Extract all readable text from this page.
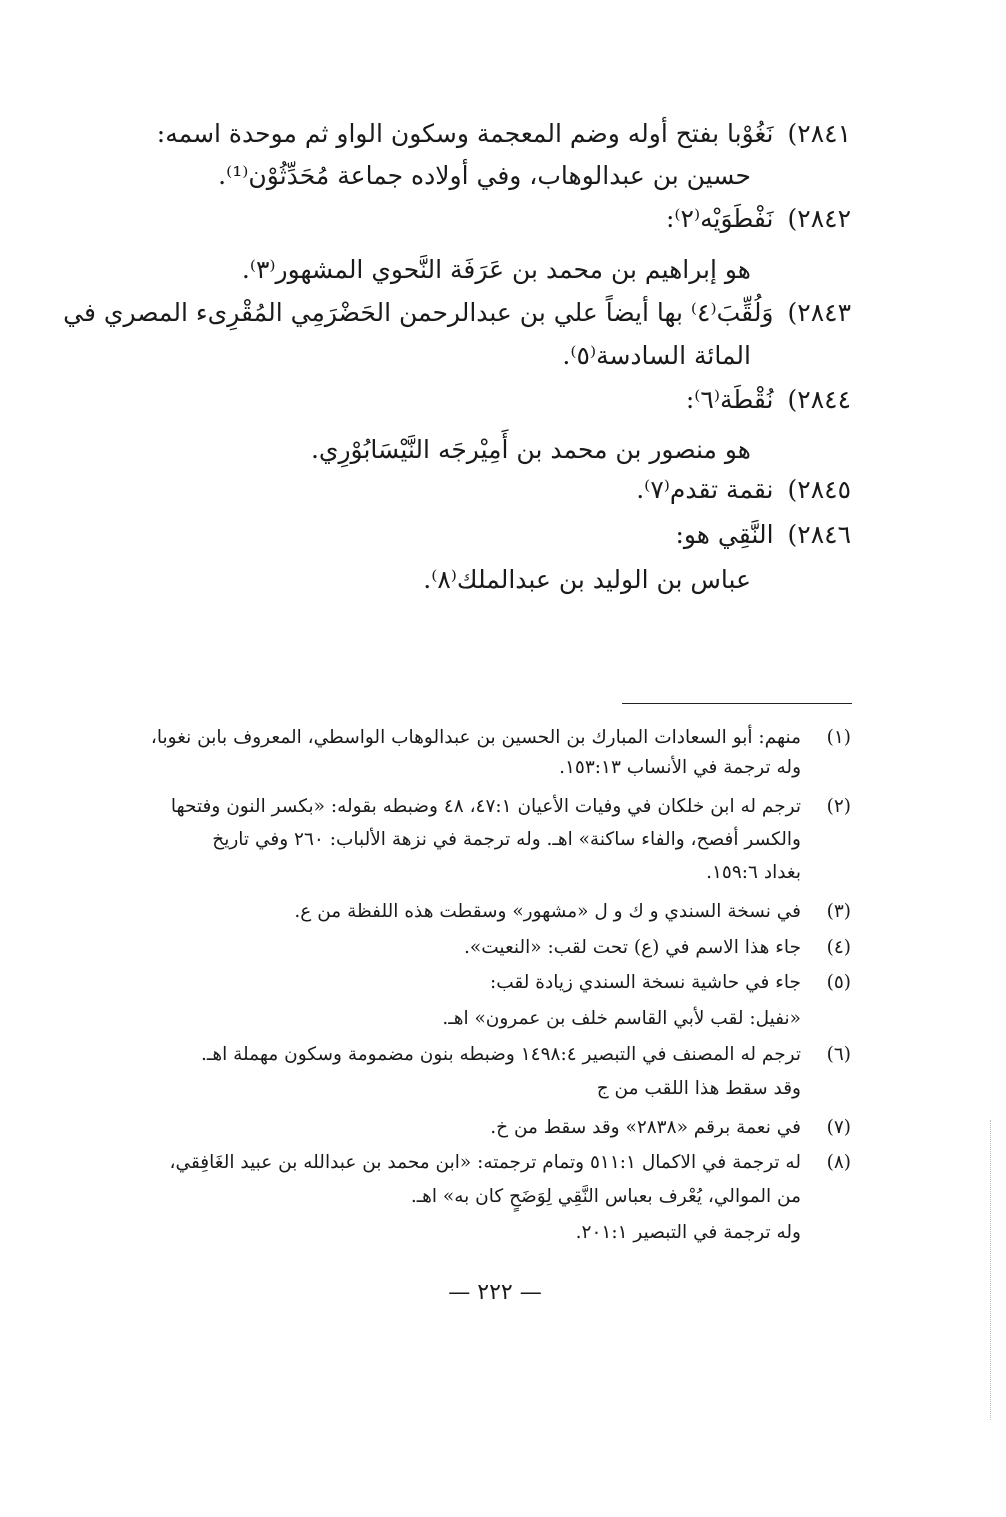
٢٨٤١)نَغُوْبا بفتح أوله وضم المعجمة وسكون الواو ثم موحدة اسمه:
حسين بن عبدالوهاب، وفي أولاده جماعة مُحَدِّثُوْن⁽¹⁾.
٢٨٤٢)نَفْطَوَيْه⁽٢⁾:
هو إبراهيم بن محمد بن عَرَفَة النَّحوي المشهور⁽٣⁾.
٢٨٤٣)وَلُقِّبَ⁽٤⁾ بها أيضاً علي بن عبدالرحمن الحَضْرَمِي المُقْرِىء المصري في
المائة السادسة⁽٥⁾.
٢٨٤٤)نُقْطَة⁽٦⁾:
هو منصور بن محمد بن أَمِيْرجَه النَّيْسَابُوْرِي.
٢٨٤٥)نقمة تقدم⁽٧⁾.
٢٨٤٦)النَّقِي هو:
عباس بن الوليد بن عبدالملك⁽٨⁾.
(١)منهم: أبو السعادات المبارك بن الحسين بن عبدالوهاب الواسطي، المعروف بابن نغوبا،
وله ترجمة في الأنساب ١٥٣:١٣.
(٢)ترجم له ابن خلكان في وفيات الأعيان ٤٧:١، ٤٨ وضبطه بقوله: «بكسر النون وفتحها
والكسر أفصح، والفاء ساكنة» اهـ. وله ترجمة في نزهة الألباب: ٢٦٠ وفي تاريخ
بغداد ١٥٩:٦.
(٣)في نسخة السندي و ك و ل «مشهور» وسقطت هذه اللفظة من ع.
(٤)جاء هذا الاسم في (ع) تحت لقب: «النعيت».
(٥)جاء في حاشية نسخة السندي زيادة لقب:
«نفيل: لقب لأبي القاسم خلف بن عمرون» اهـ.
(٦)ترجم له المصنف في التبصير ١٤٩٨:٤ وضبطه بنون مضمومة وسكون مهملة اهـ.
وقد سقط هذا اللقب من ج
(٧)في نعمة برقم «٢٨٣٨» وقد سقط من خ.
(٨)له ترجمة في الاكمال ٥١١:١ وتمام ترجمته: «ابن محمد بن عبدالله بن عبيد الغَافِقي،
من الموالي، يُعْرف بعباس النَّقِي لِوَضَحٍ كان به» اهـ.
وله ترجمة في التبصير ٢٠١:١.
— ٢٢٢ —
